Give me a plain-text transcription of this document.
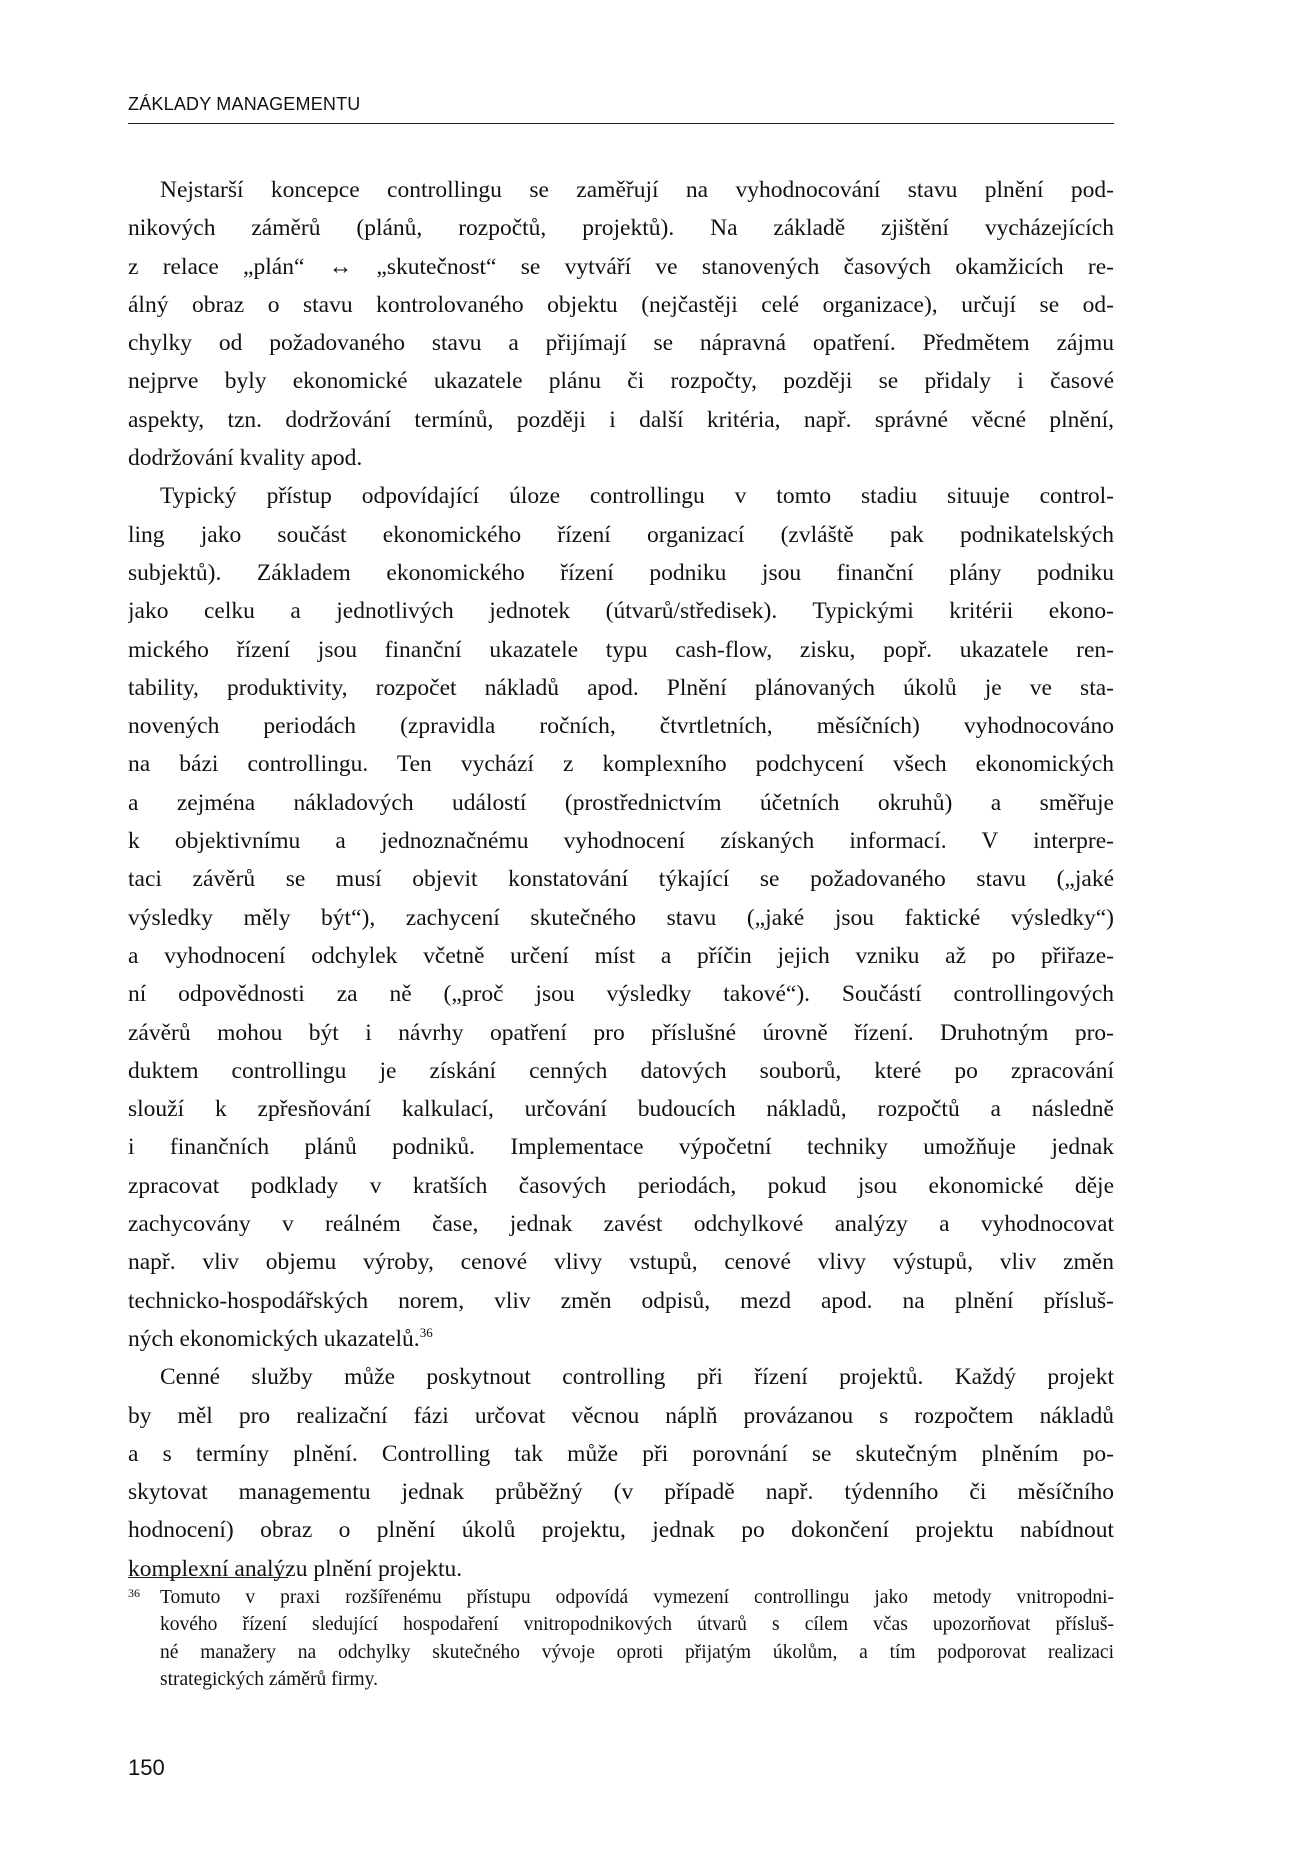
ZÁKLADY MANAGEMENTU
Nejstarší koncepce controllingu se zaměřují na vyhodnocování stavu plnění pod-
nikových záměrů (plánů, rozpočtů, projektů). Na základě zjištění vycházejících
z relace „plán“ ↔ „skutečnost“ se vytváří ve stanovených časových okamžicích re-
álný obraz o stavu kontrolovaného objektu (nejčastěji celé organizace), určují se od-
chylky od požadovaného stavu a přijímají se nápravná opatření. Předmětem zájmu
nejprve byly ekonomické ukazatele plánu či rozpočty, později se přidaly i časové
aspekty, tzn. dodržování termínů, později i další kritéria, např. správné věcné plnění,
dodržování kvality apod.
Typický přístup odpovídající úloze controllingu v tomto stadiu situuje control-
ling jako součást ekonomického řízení organizací (zvláště pak podnikatelských
subjektů). Základem ekonomického řízení podniku jsou finanční plány podniku
jako celku a jednotlivých jednotek (útvarů/středisek). Typickými kritérii ekono-
mického řízení jsou finanční ukazatele typu cash-flow, zisku, popř. ukazatele ren-
tability, produktivity, rozpočet nákladů apod. Plnění plánovaných úkolů je ve sta-
novených periodách (zpravidla ročních, čtvrtletních, měsíčních) vyhodnocováno
na bázi controllingu. Ten vychází z komplexního podchycení všech ekonomických
a zejména nákladových událostí (prostřednictvím účetních okruhů) a směřuje
k objektivnímu a jednoznačnému vyhodnocení získaných informací. V interpre-
taci závěrů se musí objevit konstatování týkající se požadovaného stavu („jaké
výsledky měly být“), zachycení skutečného stavu („jaké jsou faktické výsledky“)
a vyhodnocení odchylek včetně určení míst a příčin jejich vzniku až po přiřaze-
ní odpovědnosti za ně („proč jsou výsledky takové“). Součástí controllingových
závěrů mohou být i návrhy opatření pro příslušné úrovně řízení. Druhotným pro-
duktem controllingu je získání cenných datových souborů, které po zpracování
slouží k zpřesňování kalkulací, určování budoucích nákladů, rozpočtů a následně
i finančních plánů podniků. Implementace výpočetní techniky umožňuje jednak
zpracovat podklady v kratších časových periodách, pokud jsou ekonomické děje
zachycovány v reálném čase, jednak zavést odchylkové analýzy a vyhodnocovat
např. vliv objemu výroby, cenové vlivy vstupů, cenové vlivy výstupů, vliv změn
technicko-hospodářských norem, vliv změn odpisů, mezd apod. na plnění přísluš-
ných ekonomických ukazatelů.$^{36}$
Cenné služby může poskytnout controlling při řízení projektů. Každý projekt
by měl pro realizační fázi určovat věcnou náplň provázanou s rozpočtem nákladů
a s termíny plnění. Controlling tak může při porovnání se skutečným plněním po-
skytovat managementu jednak průběžný (v případě např. týdenního či měsíčního
hodnocení) obraz o plnění úkolů projektu, jednak po dokončení projektu nabídnout
komplexní analýzu plnění projektu.
36 Tomuto v praxi rozšířenému přístupu odpovídá vymezení controllingu jako metody vnitropodni-
kového řízení sledující hospodaření vnitropodnikových útvarů s cílem včas upozorňovat přísluš-
né manažery na odchylky skutečného vývoje oproti přijatým úkolům, a tím podporovat realizaci
strategických záměrů firmy.
150
